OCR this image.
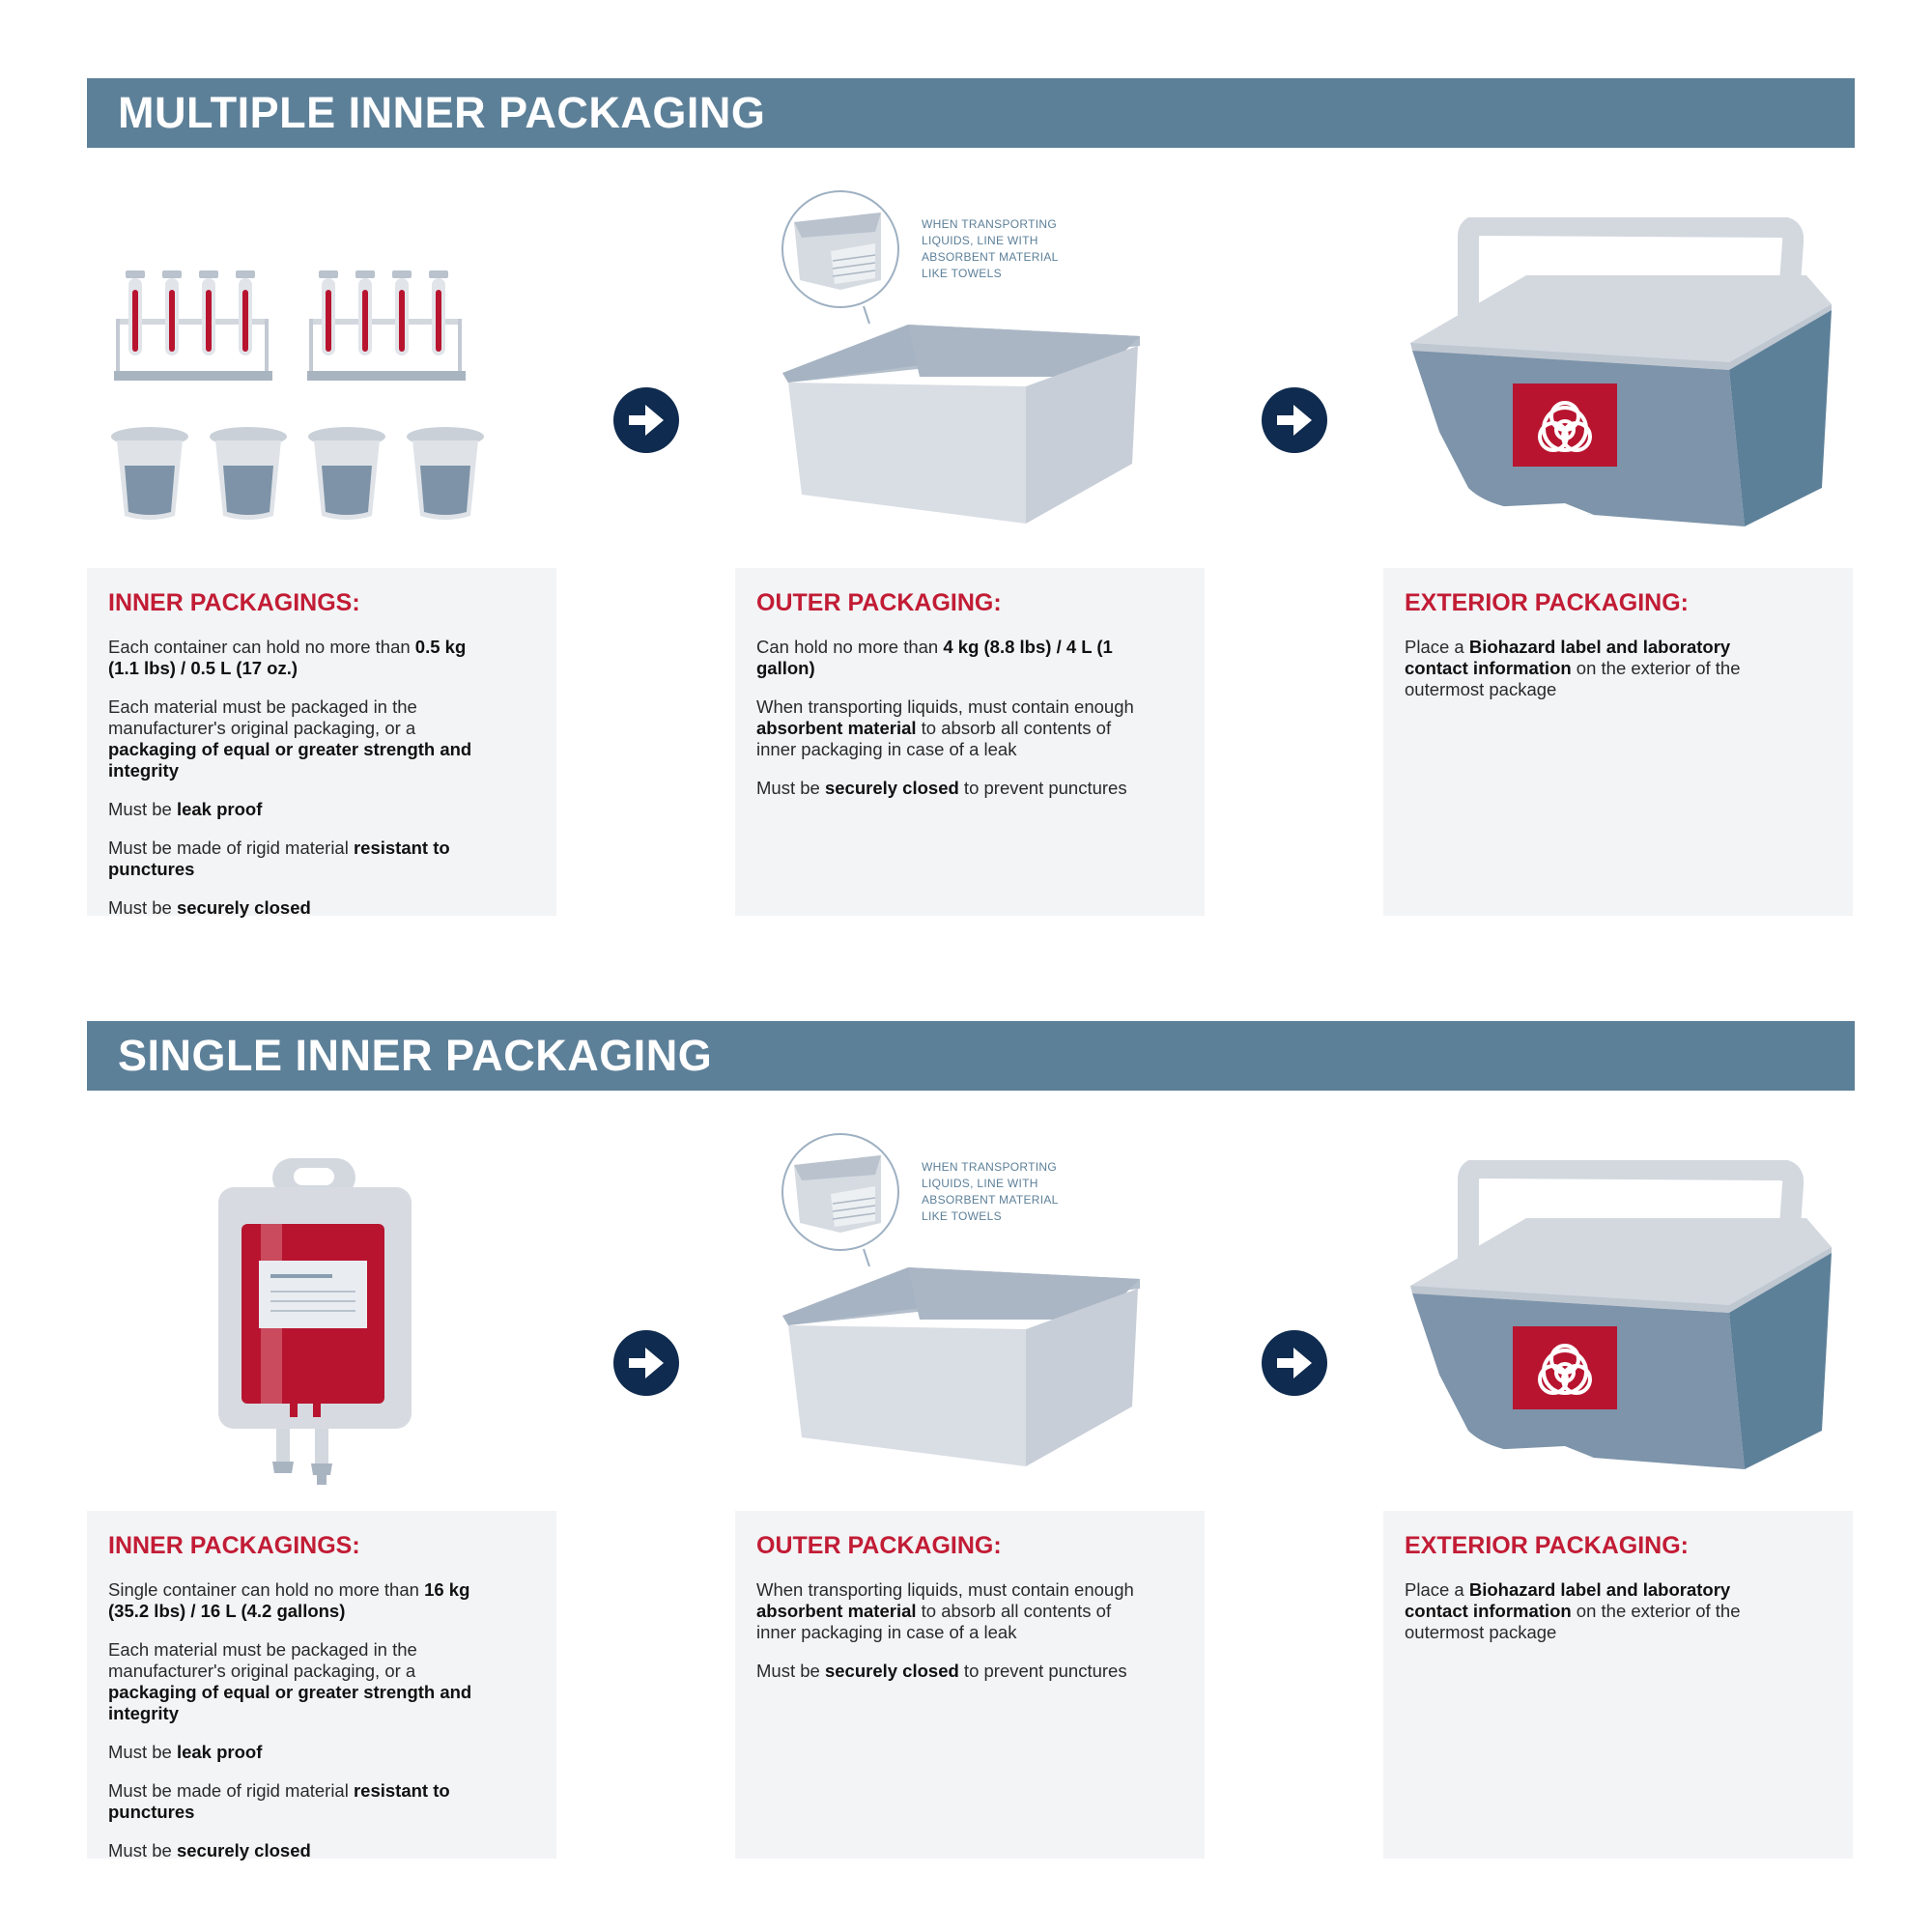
MULTIPLE INNER PACKAGING
WHEN TRANSPORTING
LIQUIDS, LINE WITH
ABSORBENT MATERIAL
LIKE TOWELS
INNER PACKAGINGS:

Each container can hold no more than 0.5 kg (1.1 lbs) / 0.5 L (17 oz.)

Each material must be packaged in the manufacturer's original packaging, or a packaging of equal or greater strength and integrity

Must be leak proof

Must be made of rigid material resistant to punctures

Must be securely closed

OUTER PACKAGING:

Can hold no more than 4 kg (8.8 lbs) / 4 L (1 gallon)

When transporting liquids, must contain enough absorbent material to absorb all contents of inner packaging in case of a leak

Must be securely closed to prevent punctures

EXTERIOR PACKAGING:

Place a Biohazard label and laboratory contact information on the exterior of the outermost package

SINGLE INNER PACKAGING
WHEN TRANSPORTING
LIQUIDS, LINE WITH
ABSORBENT MATERIAL
LIKE TOWELS
INNER PACKAGINGS:

Single container can hold no more than 16 kg (35.2 lbs) / 16 L (4.2 gallons)

Each material must be packaged in the manufacturer's original packaging, or a packaging of equal or greater strength and integrity

Must be leak proof

Must be made of rigid material resistant to punctures

Must be securely closed

OUTER PACKAGING:

When transporting liquids, must contain enough absorbent material to absorb all contents of inner packaging in case of a leak

Must be securely closed to prevent punctures

EXTERIOR PACKAGING:

Place a Biohazard label and laboratory contact information on the exterior of the outermost package
